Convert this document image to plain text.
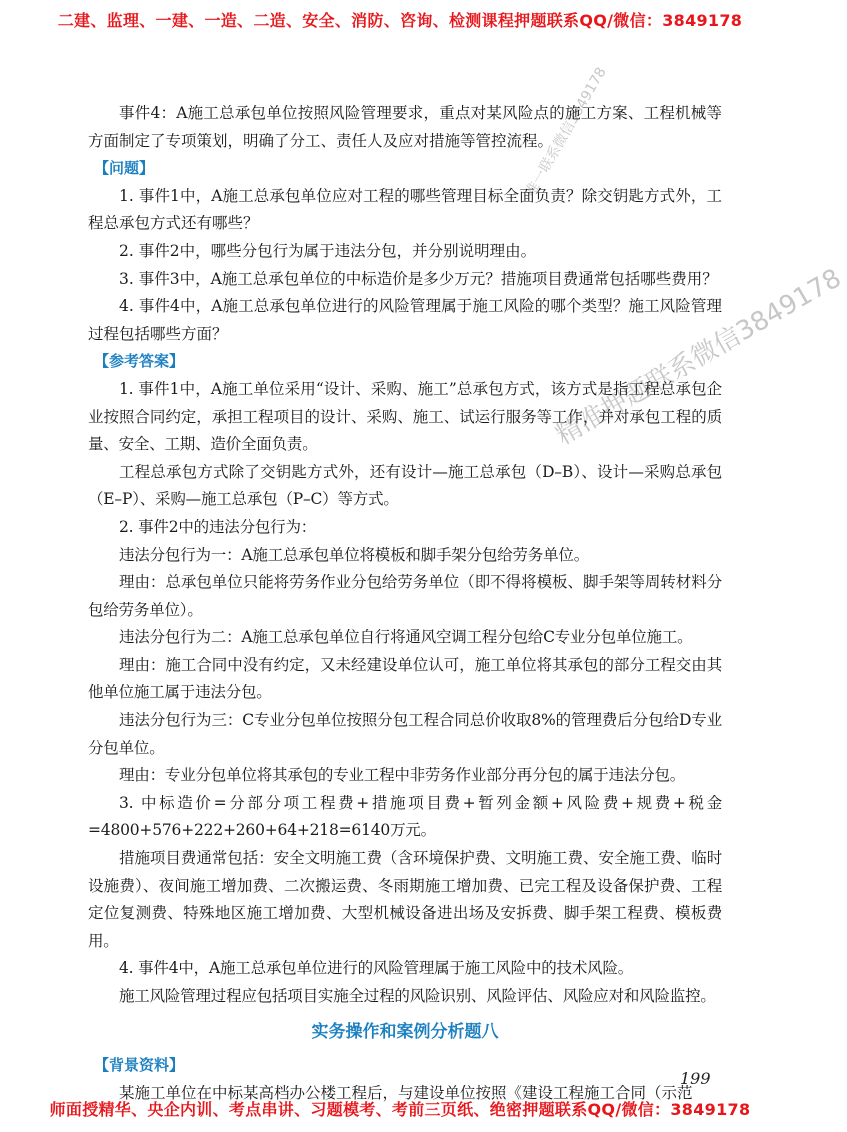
二建、监理、一建、一造、二造、安全、消防、咨询、检测课程押题联系QQ/微信：3849178
唯一联系微信3849178
精准押题联系微信3849178

事件4：A施工总承包单位按照风险管理要求，重点对某风险点的施工方案、工程机械等方面制定了专项策划，明确了分工、责任人及应对措施等管控流程。

【问题】

1. 事件1中，A施工总承包单位应对工程的哪些管理目标全面负责？除交钥匙方式外，工程总承包方式还有哪些？

2. 事件2中，哪些分包行为属于违法分包，并分别说明理由。

3. 事件3中，A施工总承包单位的中标造价是多少万元？措施项目费通常包括哪些费用？

4. 事件4中，A施工总承包单位进行的风险管理属于施工风险的哪个类型？施工风险管理过程包括哪些方面？

【参考答案】

1. 事件1中，A施工单位采用“设计、采购、施工”总承包方式，该方式是指工程总承包企业按照合同约定，承担工程项目的设计、采购、施工、试运行服务等工作，并对承包工程的质量、安全、工期、造价全面负责。

工程总承包方式除了交钥匙方式外，还有设计—施工总承包（D–B）、设计—采购总承包（E–P）、采购—施工总承包（P–C）等方式。

2. 事件2中的违法分包行为：

违法分包行为一：A施工总承包单位将模板和脚手架分包给劳务单位。

理由：总承包单位只能将劳务作业分包给劳务单位（即不得将模板、脚手架等周转材料分包给劳务单位）。

违法分包行为二：A施工总承包单位自行将通风空调工程分包给C专业分包单位施工。

理由：施工合同中没有约定，又未经建设单位认可，施工单位将其承包的部分工程交由其他单位施工属于违法分包。

违法分包行为三：C专业分包单位按照分包工程合同总价收取8%的管理费后分包给D专业分包单位。

理由：专业分包单位将其承包的专业工程中非劳务作业部分再分包的属于违法分包。

3. 中标造价=分部分项工程费+措施项目费+暂列金额+风险费+规费+税金=4800+576+222+260+64+218=6140万元。

措施项目费通常包括：安全文明施工费（含环境保护费、文明施工费、安全施工费、临时设施费）、夜间施工增加费、二次搬运费、冬雨期施工增加费、已完工程及设备保护费、工程定位复测费、特殊地区施工增加费、大型机械设备进出场及安拆费、脚手架工程费、模板费用。

4. 事件4中，A施工总承包单位进行的风险管理属于施工风险中的技术风险。

施工风险管理过程应包括项目实施全过程的风险识别、风险评估、风险应对和风险监控。

实务操作和案例分析题八

【背景资料】

某施工单位在中标某高档办公楼工程后，与建设单位按照《建设工程施工合同（示范

199
师面授精华、央企内训、考点串讲、习题模考、考前三页纸、绝密押题联系QQ/微信：3849178
